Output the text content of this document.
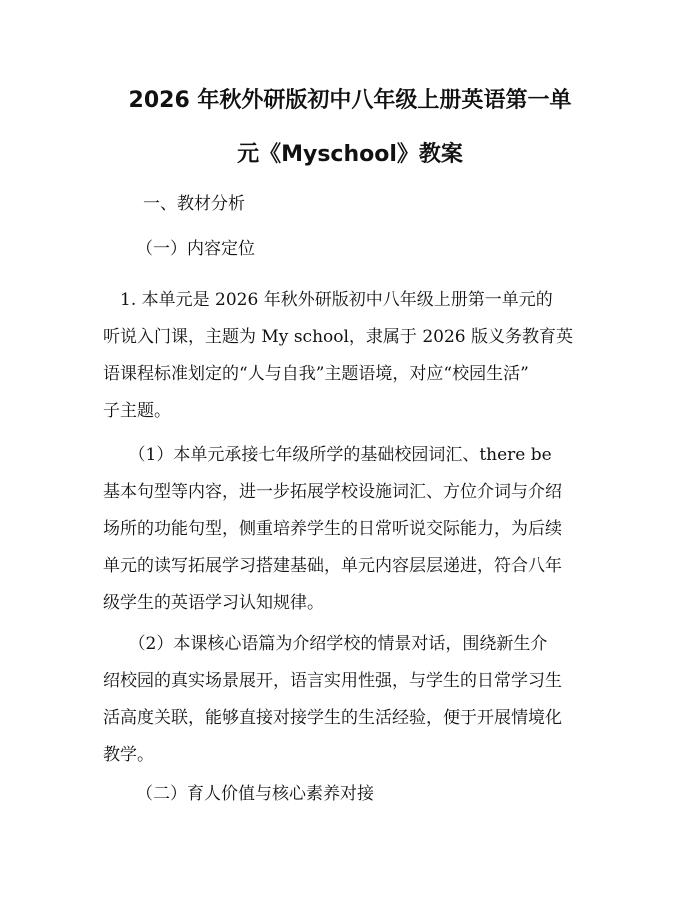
2026 年秋外研版初中八年级上册英语第一单
元《Myschool》教案

一、教材分析

（一）内容定位

　1. 本单元是 2026 年秋外研版初中八年级上册第一单元的
听说入门课，主题为 My school，隶属于 2026 版义务教育英
语课程标准划定的“人与自我”主题语境，对应“校园生活”
子主题。

　　（1）本单元承接七年级所学的基础校园词汇、there be
基本句型等内容，进一步拓展学校设施词汇、方位介词与介绍
场所的功能句型，侧重培养学生的日常听说交际能力，为后续
单元的读写拓展学习搭建基础，单元内容层层递进，符合八年
级学生的英语学习认知规律。

　　（2）本课核心语篇为介绍学校的情景对话，围绕新生介
绍校园的真实场景展开，语言实用性强，与学生的日常学习生
活高度关联，能够直接对接学生的生活经验，便于开展情境化
教学。

（二）育人价值与核心素养对接
